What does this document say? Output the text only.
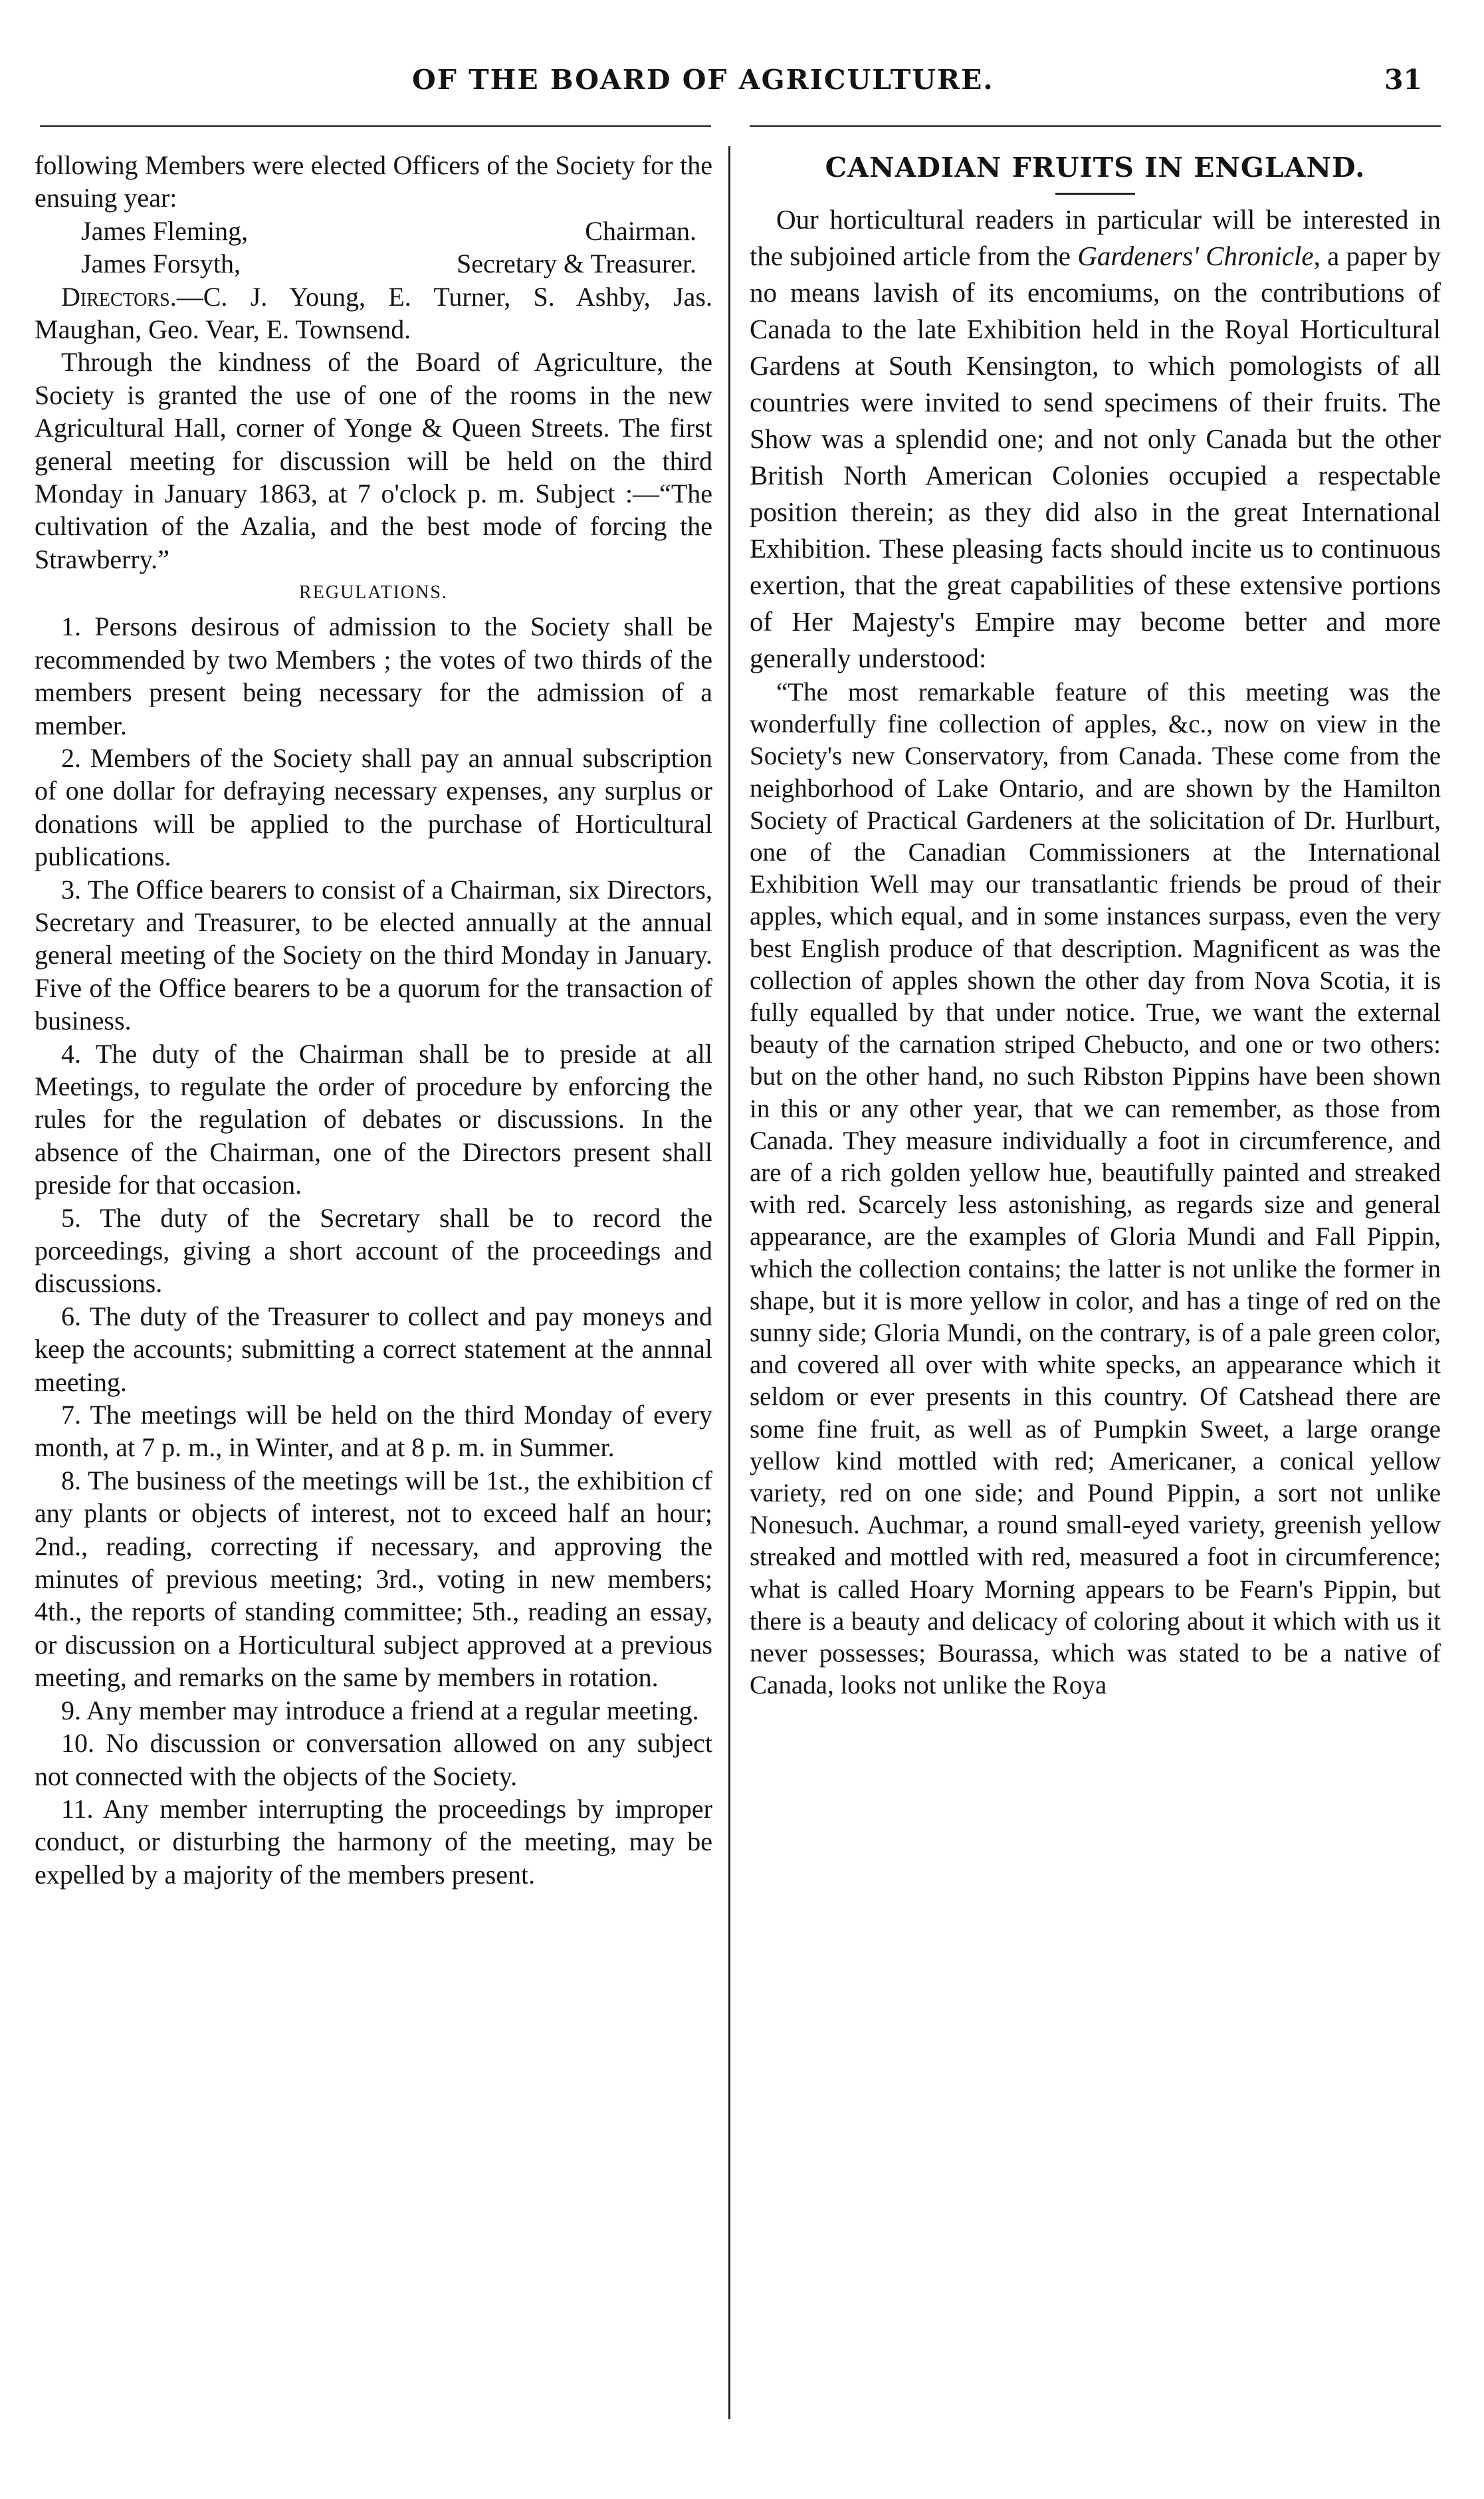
OF THE BOARD OF AGRICULTURE.	31

following Members were elected Officers of the Society for the ensuing year:

James Fleming,	Chairman.
James Forsyth,	Secretary & Treasurer.

Directors.—C. J. Young, E. Turner, S. Ashby, Jas. Maughan, Geo. Vear, E. Townsend.

Through the kindness of the Board of Agriculture, the Society is granted the use of one of the rooms in the new Agricultural Hall, corner of Yonge & Queen Streets. The first general meeting for discussion will be held on the third Monday in January 1863, at 7 o'clock p. m. Subject :—“The cultivation of the Azalia, and the best mode of forcing the Strawberry.”

REGULATIONS.

1. Persons desirous of admission to the Society shall be recommended by two Members ; the votes of two thirds of the members present being necessary for the admission of a member.

2. Members of the Society shall pay an annual subscription of one dollar for defraying necessary expenses, any surplus or donations will be applied to the purchase of Horticultural publications.

3. The Office bearers to consist of a Chairman, six Directors, Secretary and Treasurer, to be elected annually at the annual general meeting of the Society on the third Monday in January. Five of the Office bearers to be a quorum for the transaction of business.

4. The duty of the Chairman shall be to preside at all Meetings, to regulate the order of procedure by enforcing the rules for the regulation of debates or discussions. In the absence of the Chairman, one of the Directors present shall preside for that occasion.

5. The duty of the Secretary shall be to record the porceedings, giving a short account of the proceedings and discussions.

6. The duty of the Treasurer to collect and pay moneys and keep the accounts; submitting a correct statement at the annnal meeting.

7. The meetings will be held on the third Monday of every month, at 7 p. m., in Winter, and at 8 p. m. in Summer.

8. The business of the meetings will be 1st., the exhibition cf any plants or objects of interest, not to exceed half an hour; 2nd., reading, correcting if necessary, and approving the minutes of previous meeting; 3rd., voting in new members; 4th., the reports of standing committee; 5th., reading an essay, or discussion on a Horticultural subject approved at a previous meeting, and remarks on the same by members in rotation.

9. Any member may introduce a friend at a regular meeting.

10. No discussion or conversation allowed on any subject not connected with the objects of the Society.

11. Any member interrupting the proceedings by improper conduct, or disturbing the harmony of the meeting, may be expelled by a majority of the members present.

CANADIAN FRUITS IN ENGLAND.

Our horticultural readers in particular will be interested in the subjoined article from the Gardeners' Chronicle, a paper by no means lavish of its encomiums, on the contributions of Canada to the late Exhibition held in the Royal Horticultural Gardens at South Kensington, to which pomologists of all countries were invited to send specimens of their fruits. The Show was a splendid one; and not only Canada but the other British North American Colonies occupied a respectable position therein; as they did also in the great International Exhibition. These pleasing facts should incite us to continuous exertion, that the great capabilities of these extensive portions of Her Majesty's Empire may become better and more generally understood:

“The most remarkable feature of this meeting was the wonderfully fine collection of apples, &c., now on view in the Society's new Conservatory, from Canada. These come from the neighborhood of Lake Ontario, and are shown by the Hamilton Society of Practical Gardeners at the solicitation of Dr. Hurlburt, one of the Canadian Commissioners at the International Exhibition Well may our transatlantic friends be proud of their apples, which equal, and in some instances surpass, even the very best English produce of that description. Magnificent as was the collection of apples shown the other day from Nova Scotia, it is fully equalled by that under notice. True, we want the external beauty of the carnation striped Chebucto, and one or two others: but on the other hand, no such Ribston Pippins have been shown in this or any other year, that we can remember, as those from Canada. They measure individually a foot in circumference, and are of a rich golden yellow hue, beautifully painted and streaked with red. Scarcely less astonishing, as regards size and general appearance, are the examples of Gloria Mundi and Fall Pippin, which the collection contains; the latter is not unlike the former in shape, but it is more yellow in color, and has a tinge of red on the sunny side; Gloria Mundi, on the contrary, is of a pale green color, and covered all over with white specks, an appearance which it seldom or ever presents in this country. Of Catshead there are some fine fruit, as well as of Pumpkin Sweet, a large orange yellow kind mottled with red; Americaner, a conical yellow variety, red on one side; and Pound Pippin, a sort not unlike Nonesuch. Auchmar, a round small-eyed variety, greenish yellow streaked and mottled with red, measured a foot in circumference; what is called Hoary Morning appears to be Fearn's Pippin, but there is a beauty and delicacy of coloring about it which with us it never possesses; Bourassa, which was stated to be a native of Canada, looks not unlike the Roya
